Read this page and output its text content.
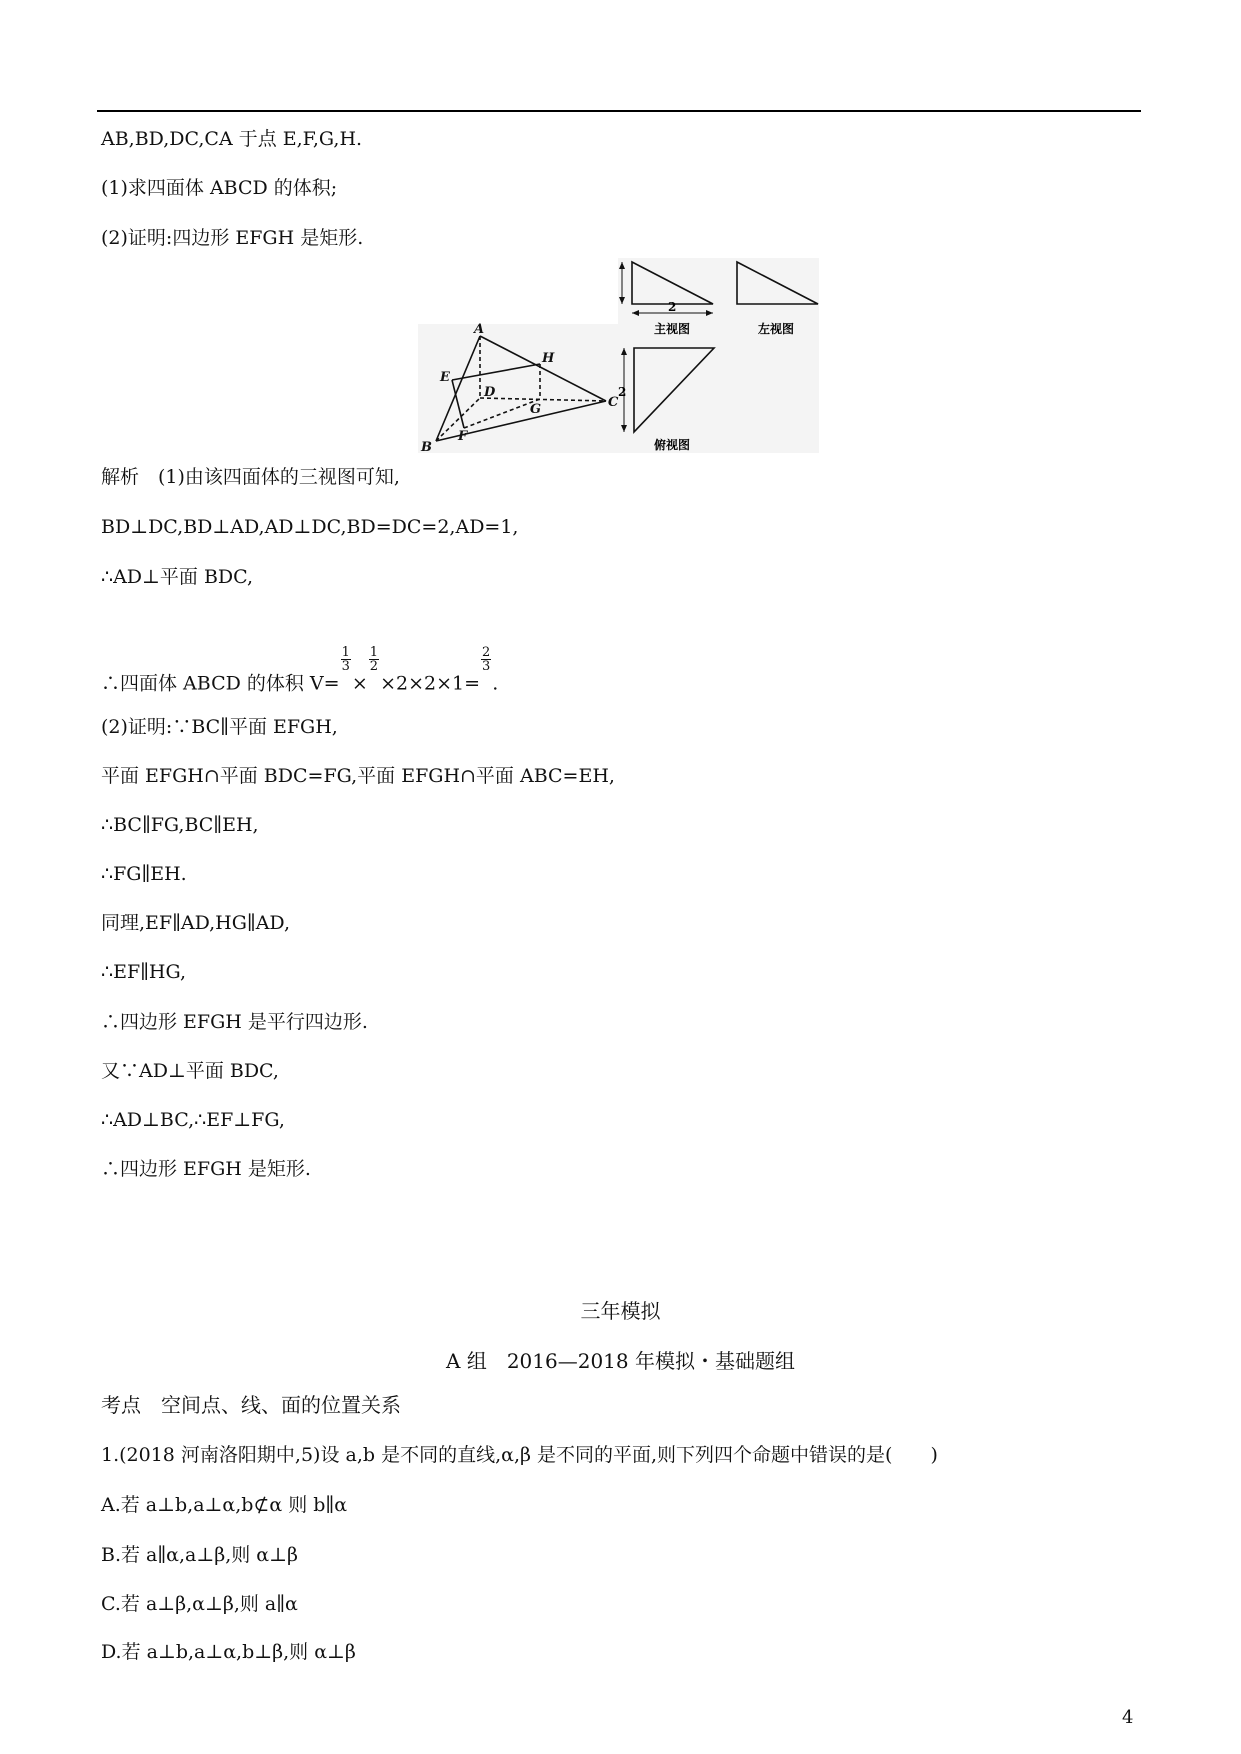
AB,BD,DC,CA 于点 E,F,G,H.
(1)求四面体 ABCD 的体积;
(2)证明:四边形 EFGH 是矩形.
A
B
C
D
E
F
G
H
2
主视图	左视图
2
俯视图
解析　(1)由该四面体的三视图可知,
BD⊥DC,BD⊥AD,AD⊥DC,BD=DC=2,AD=1,
∴AD⊥平面 BDC,
∴四面体 ABCD 的体积 V=
$\frac{1}{3}$
×
$\frac{1}{2}$
×2×2×1=
$\frac{2}{3}$
.
(2)证明:∵BC∥平面 EFGH,
平面 EFGH∩平面 BDC=FG,平面 EFGH∩平面 ABC=EH,
∴BC∥FG,BC∥EH,
∴FG∥EH.
同理,EF∥AD,HG∥AD,
∴EF∥HG,
∴四边形 EFGH 是平行四边形.
又∵AD⊥平面 BDC,
∴AD⊥BC,∴EF⊥FG,
∴四边形 EFGH 是矩形.
三年模拟
A 组　2016—2018 年模拟・基础题组
考点　空间点、线、面的位置关系
1.(2018 河南洛阳期中,5)设 a,b 是不同的直线,α,β 是不同的平面,则下列四个命题中错误的是(　　)
A.若 a⊥b,a⊥α,b⊄α 则 b∥α
B.若 a∥α,a⊥β,则 α⊥β
C.若 a⊥β,α⊥β,则 a∥α
D.若 a⊥b,a⊥α,b⊥β,则 α⊥β
4
